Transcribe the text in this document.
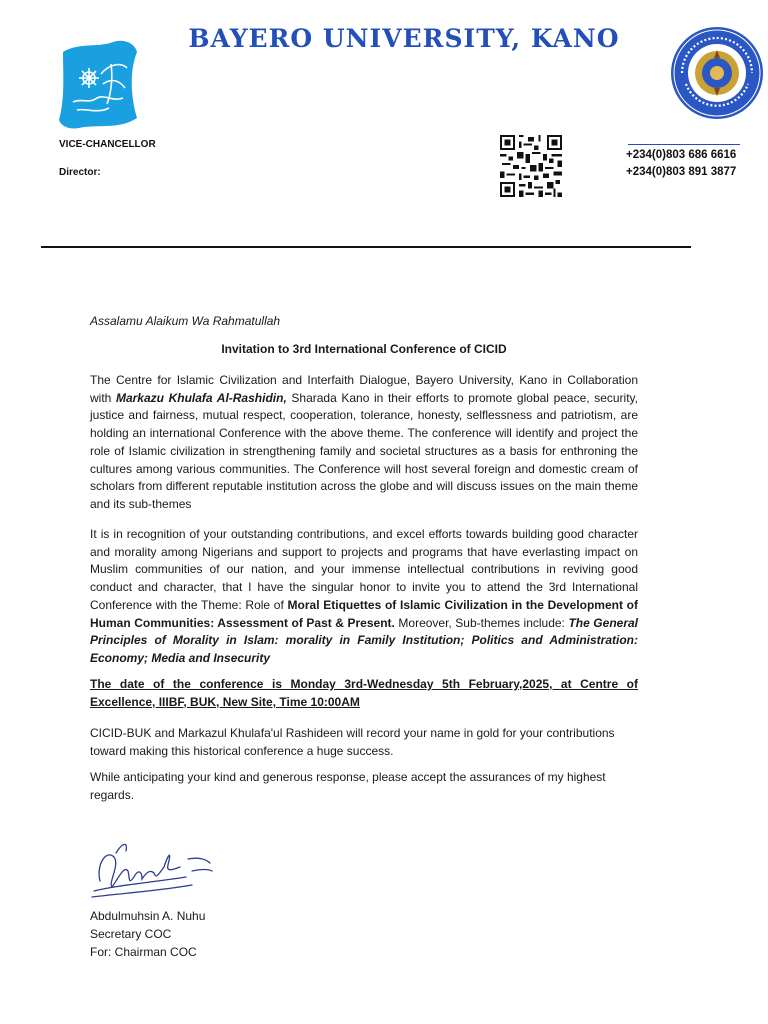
BAYERO UNIVERSITY, KANO
VICE-CHANCELLOR
Director:
+234(0)803 686 6616
+234(0)803 891 3877
Assalamu Alaikum Wa Rahmatullah
Invitation to 3rd International Conference of CICID
The Centre for Islamic Civilization and Interfaith Dialogue, Bayero University, Kano in Collaboration with Markazu Khulafa Al-Rashidin, Sharada Kano in their efforts to promote global peace, security, justice and fairness, mutual respect, cooperation, tolerance, honesty, selflessness and patriotism, are holding an international Conference with the above theme. The conference will identify and project the role of Islamic civilization in strengthening family and societal structures as a basis for enthroning the cultures among various communities. The Conference will host several foreign and domestic cream of scholars from different reputable institution across the globe and will discuss issues on the main theme and its sub-themes
It is in recognition of your outstanding contributions, and excel efforts towards building good character and morality among Nigerians and support to projects and programs that have everlasting impact on Muslim communities of our nation, and your immense intellectual contributions in reviving good conduct and character, that I have the singular honor to invite you to attend the 3rd International Conference with the Theme: Role of Moral Etiquettes of Islamic Civilization in the Development of Human Communities: Assessment of Past & Present. Moreover, Sub-themes include: The General Principles of Morality in Islam: morality in Family Institution; Politics and Administration: Economy; Media and Insecurity
The date of the conference is Monday 3rd-Wednesday 5th February,2025, at Centre of Excellence, IIIBF, BUK, New Site, Time 10:00AM
CICID-BUK and Markazul Khulafa'ul Rashideen will record your name in gold for your contributions toward making this historical conference a huge success.
While anticipating your kind and generous response, please accept the assurances of my highest regards.
Abdulmuhsin A. Nuhu
Secretary COC
For: Chairman COC
